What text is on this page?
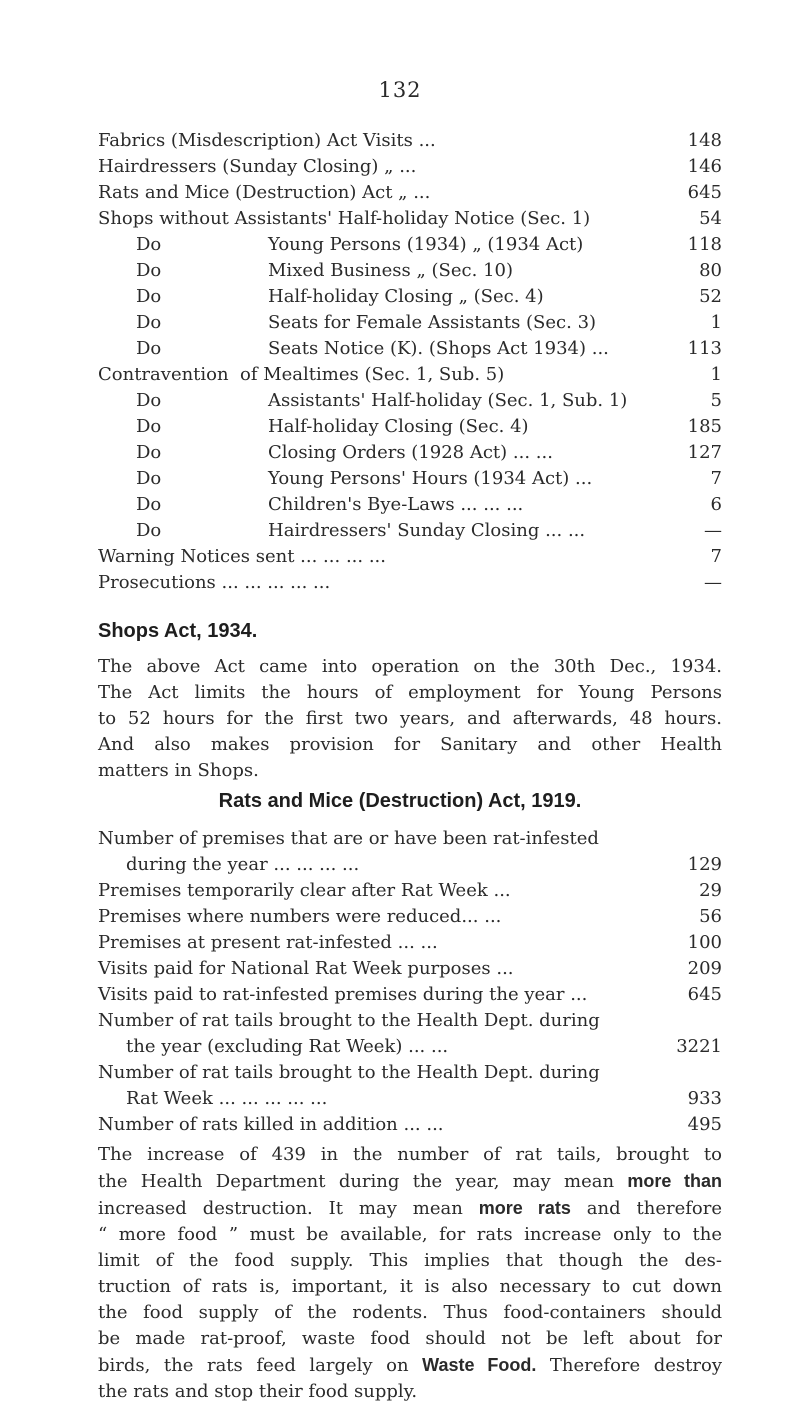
132
Fabrics (Misdescription) Act Visits ...	148
Hairdressers (Sunday Closing) „ ...	146
Rats and Mice (Destruction) Act „ ...	645
Shops without Assistants' Half-holiday Notice (Sec. 1)	54
Do	Young Persons (1934) „ (1934 Act)	118
Do	Mixed Business „ (Sec. 10)	80
Do	Half-holiday Closing „ (Sec. 4)	52
Do	Seats for Female Assistants (Sec. 3)	1
Do	Seats Notice (K). (Shops Act 1934) ...	113
Contravention of Mealtimes (Sec. 1, Sub. 5)	1
Do	Assistants' Half-holiday (Sec. 1, Sub. 1)	5
Do	Half-holiday Closing (Sec. 4)	185
Do	Closing Orders (1928 Act) ... ...	127
Do	Young Persons' Hours (1934 Act) ...	7
Do	Children's Bye-Laws ... ... ...	6
Do	Hairdressers' Sunday Closing ... ...	—
Warning Notices sent ... ... ... ...	7
Prosecutions ... ... ... ... ...	—
Shops Act, 1934.
The above Act came into operation on the 30th Dec., 1934.
The Act limits the hours of employment for Young Persons
to 52 hours for the first two years, and afterwards, 48 hours.
And also makes provision for Sanitary and other Health
matters in Shops.
Rats and Mice (Destruction) Act, 1919.
Number of premises that are or have been rat-infested
during the year ... ... ... ...	129
Premises temporarily clear after Rat Week ...	29
Premises where numbers were reduced... ...	56
Premises at present rat-infested ... ...	100
Visits paid for National Rat Week purposes ...	209
Visits paid to rat-infested premises during the year ...	645
Number of rat tails brought to the Health Dept. during
the year (excluding Rat Week) ... ...	3221
Number of rat tails brought to the Health Dept. during
Rat Week ... ... ... ... ...	933
Number of rats killed in addition ... ...	495
The increase of 439 in the number of rat tails, brought to
the Health Department during the year, may mean more than
increased destruction. It may mean more rats and therefore
“ more food ” must be available, for rats increase only to the
limit of the food supply. This implies that though the des-
truction of rats is, important, it is also necessary to cut down
the food supply of the rodents. Thus food-containers should
be made rat-proof, waste food should not be left about for
birds, the rats feed largely on Waste Food. Therefore destroy
the rats and stop their food supply.
